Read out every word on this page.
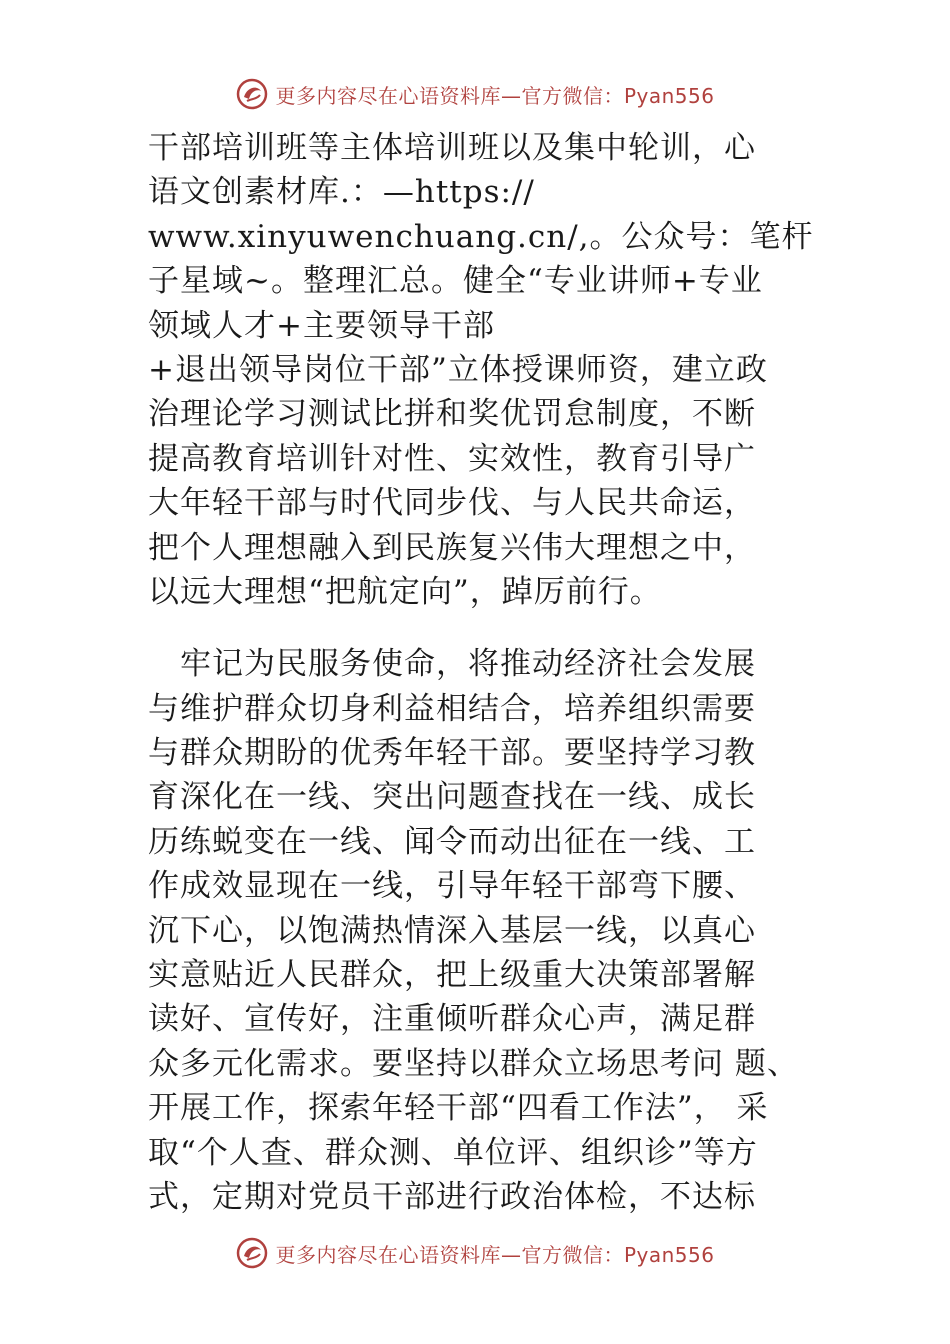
更多内容尽在心语资料库—官方微信：Pyan556
干部培训班等主体培训班以及集中轮训，心
语文创素材库.：—https://
www.xinyuwenchuang.cn/,。公众号：笔杆
子星域~。整理汇总。健全“专业讲师+专业
领域人才+主要领导干部
+退出领导岗位干部”立体授课师资，建立政
治理论学习测试比拼和奖优罚怠制度，不断
提高教育培训针对性、实效性，教育引导广
大年轻干部与时代同步伐、与人民共命运，
把个人理想融入到民族复兴伟大理想之中，
以远大理想“把航定向”，踔厉前行。
牢记为民服务使命，将推动经济社会发展
与维护群众切身利益相结合，培养组织需要
与群众期盼的优秀年轻干部。要坚持学习教
育深化在一线、突出问题查找在一线、成长
历练蜕变在一线、闻令而动出征在一线、工
作成效显现在一线，引导年轻干部弯下腰、
沉下心，以饱满热情深入基层一线，以真心
实意贴近人民群众，把上级重大决策部署解
读好、宣传好，注重倾听群众心声，满足群
众多元化需求。要坚持以群众立场思考问 题、
开展工作，探索年轻干部“四看工作法”， 采
取“个人查、群众测、单位评、组织诊”等方
式，定期对党员干部进行政治体检，不达标
更多内容尽在心语资料库—官方微信：Pyan556
